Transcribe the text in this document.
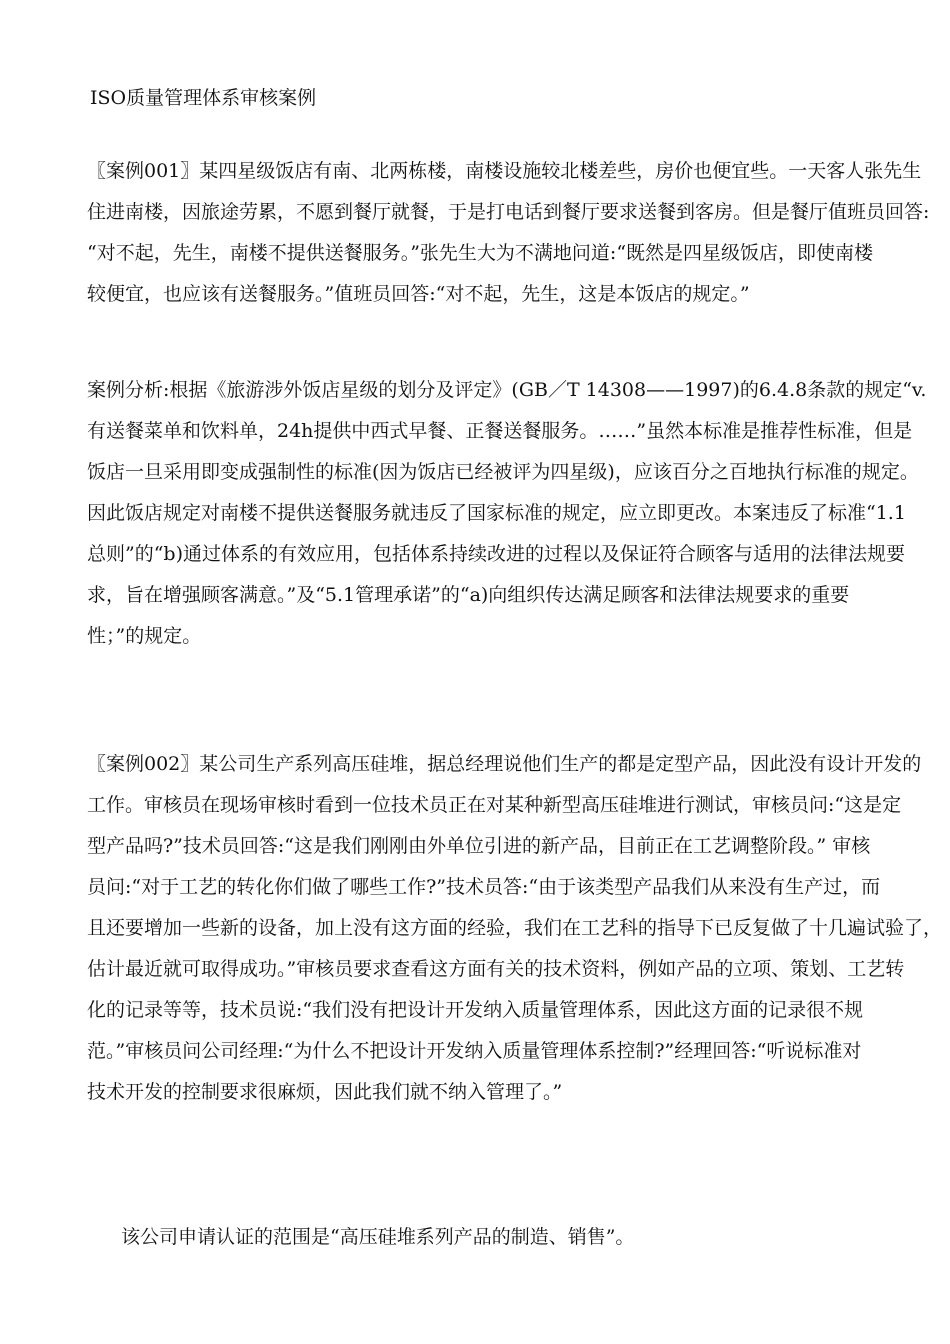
ISO质量管理体系审核案例
〖案例001〗某四星级饭店有南、北两栋楼，南楼设施较北楼差些，房价也便宜些。一天客人张先生
住进南楼，因旅途劳累，不愿到餐厅就餐，于是打电话到餐厅要求送餐到客房。但是餐厅值班员回答:
“对不起，先生，南楼不提供送餐服务。”张先生大为不满地问道:“既然是四星级饭店，即使南楼
较便宜，也应该有送餐服务。”值班员回答:“对不起，先生，这是本饭店的规定。”
案例分析:根据《旅游涉外饭店星级的划分及评定》(GB／T 14308——1997)的6.4.8条款的规定“v.
有送餐菜单和饮料单，24h提供中西式早餐、正餐送餐服务。……”虽然本标准是推荐性标准，但是
饭店一旦采用即变成强制性的标准(因为饭店已经被评为四星级)，应该百分之百地执行标准的规定。
因此饭店规定对南楼不提供送餐服务就违反了国家标准的规定，应立即更改。本案违反了标准“1.1
总则”的“b)通过体系的有效应用，包括体系持续改进的过程以及保证符合顾客与适用的法律法规要
求，旨在增强顾客满意。”及“5.1管理承诺”的“a)向组织传达满足顾客和法律法规要求的重要
性；”的规定。
〖案例002〗某公司生产系列高压硅堆，据总经理说他们生产的都是定型产品，因此没有设计开发的
工作。审核员在现场审核时看到一位技术员正在对某种新型高压硅堆进行测试，审核员问:“这是定
型产品吗?”技术员回答:“这是我们刚刚由外单位引进的新产品，目前正在工艺调整阶段。” 审核
员问:“对于工艺的转化你们做了哪些工作?”技术员答:“由于该类型产品我们从来没有生产过，而
且还要增加一些新的设备，加上没有这方面的经验，我们在工艺科的指导下已反复做了十几遍试验了，
估计最近就可取得成功。”审核员要求查看这方面有关的技术资料，例如产品的立项、策划、工艺转
化的记录等等，技术员说:“我们没有把设计开发纳入质量管理体系，因此这方面的记录很不规
范。”审核员问公司经理:“为什么不把设计开发纳入质量管理体系控制?”经理回答:“听说标准对
技术开发的控制要求很麻烦，因此我们就不纳入管理了。”
该公司申请认证的范围是“高压硅堆系列产品的制造、销售”。
